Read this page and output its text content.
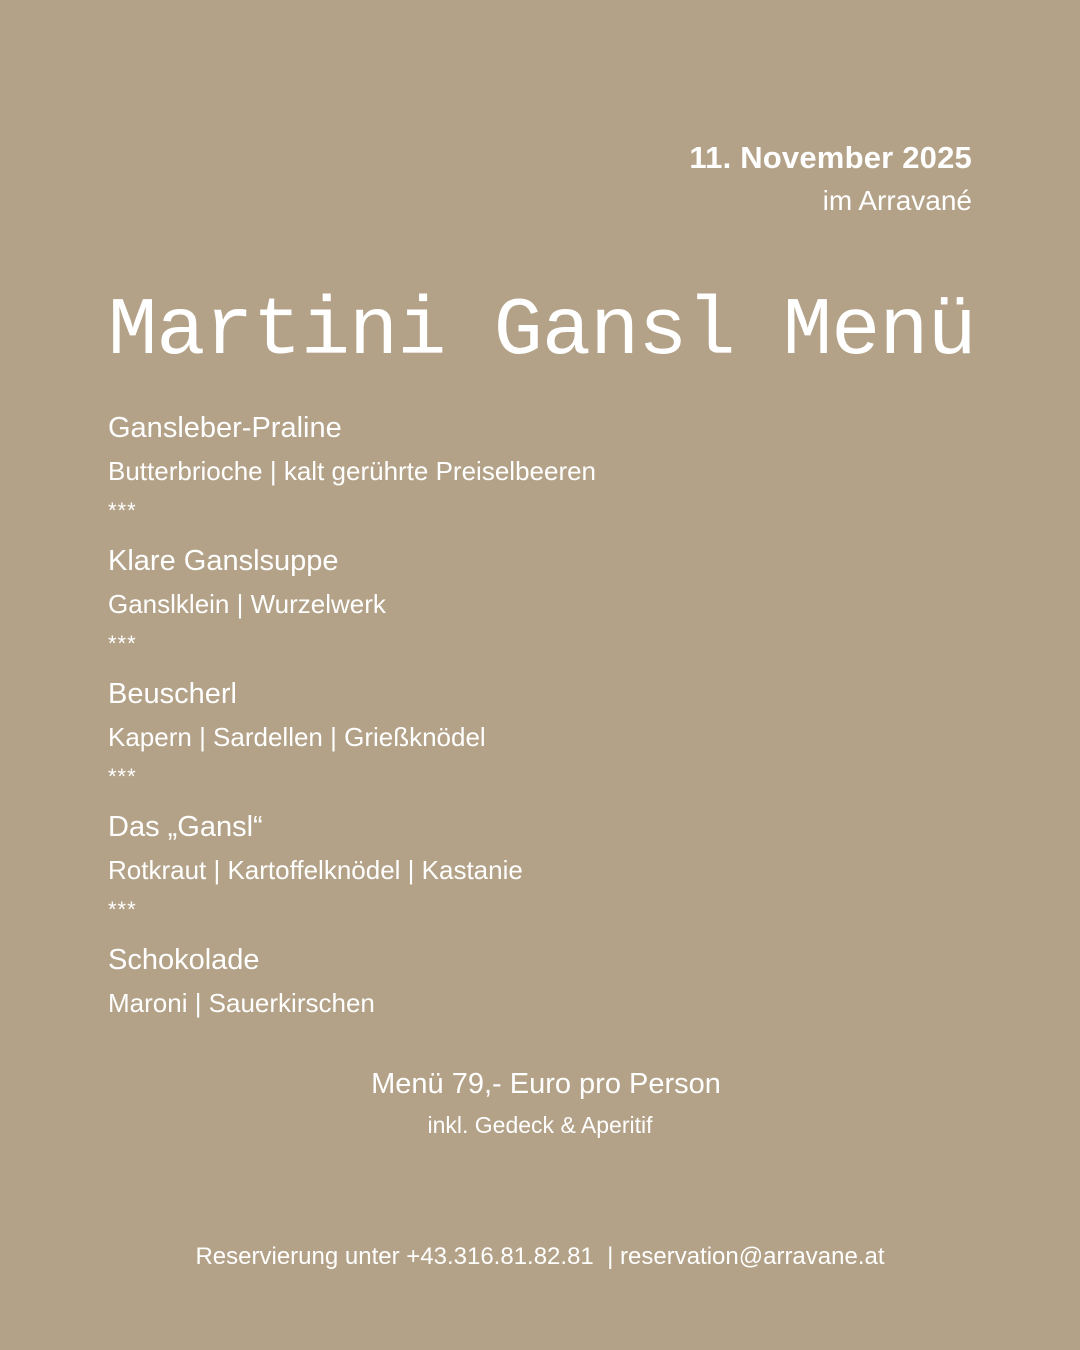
11. November 2025
im Arravané
Martini Gansl Menü
Gansleber-Praline
Butterbrioche | kalt gerührte Preiselbeeren
***
Klare Ganslsuppe
Ganslklein | Wurzelwerk
***
Beuscherl
Kapern | Sardellen | Grießknödel
***
Das „Gansl“
Rotkraut | Kartoffelknödel | Kastanie
***
Schokolade
Maroni | Sauerkirschen
Menü 79,- Euro pro Person
inkl. Gedeck & Aperitif
Reservierung unter +43.316.81.82.81 | reservation@arravane.at
